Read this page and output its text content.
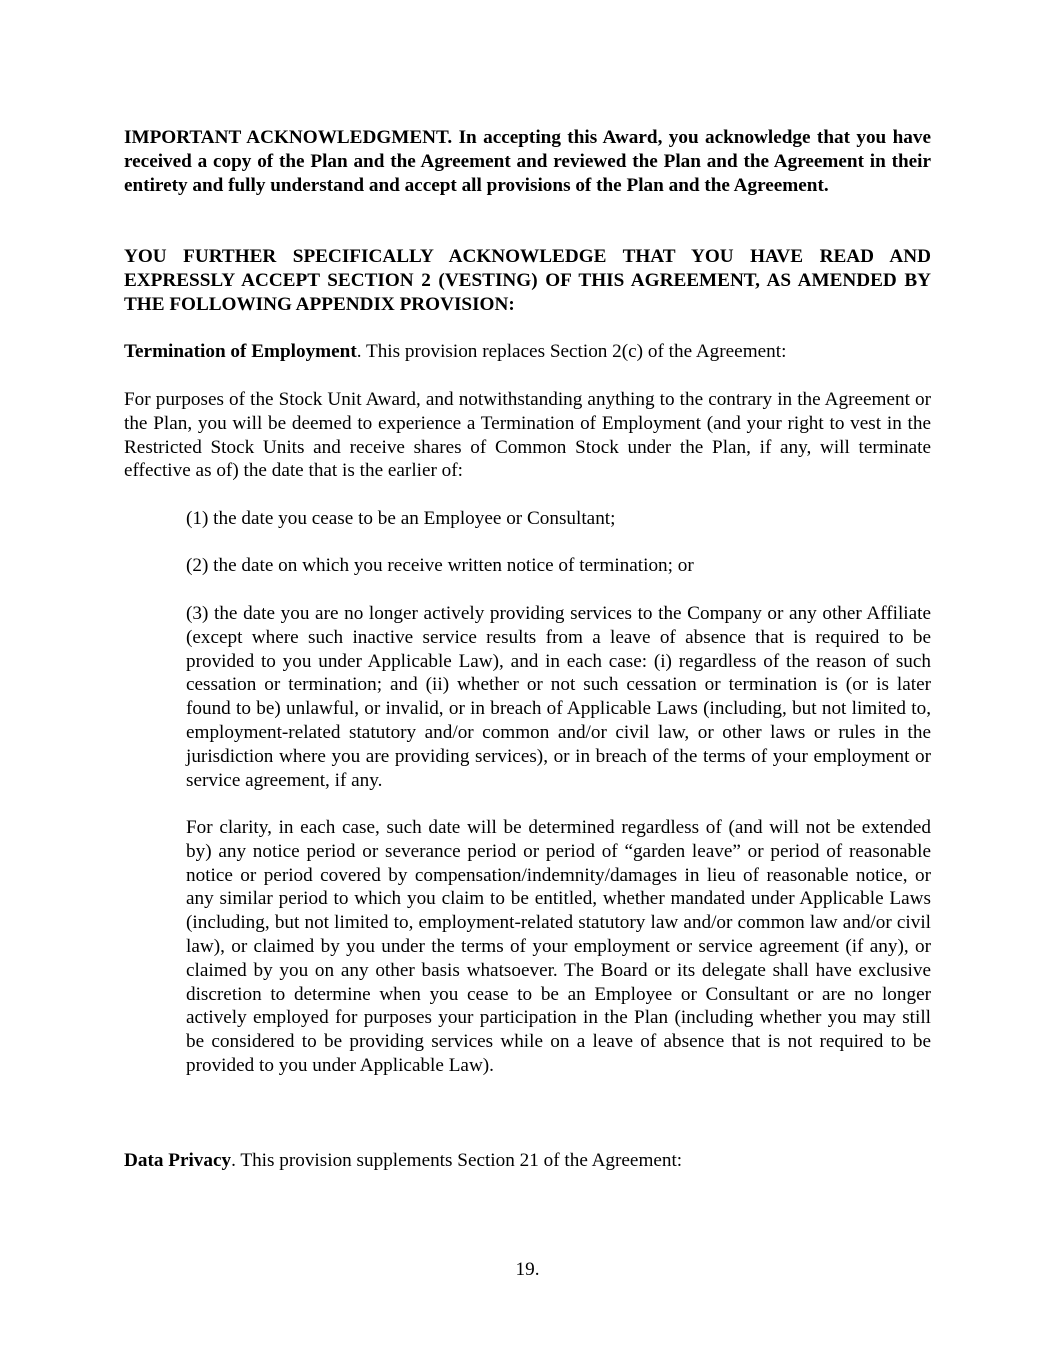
IMPORTANT ACKNOWLEDGMENT. In accepting this Award, you acknowledge that you have received a copy of the Plan and the Agreement and reviewed the Plan and the Agreement in their entirety and fully understand and accept all provisions of the Plan and the Agreement.

YOU FURTHER SPECIFICALLY ACKNOWLEDGE THAT YOU HAVE READ AND EXPRESSLY ACCEPT SECTION 2 (VESTING) OF THIS AGREEMENT, AS AMENDED BY THE FOLLOWING APPENDIX PROVISION:

Termination of Employment. This provision replaces Section 2(c) of the Agreement:

For purposes of the Stock Unit Award, and notwithstanding anything to the contrary in the Agreement or the Plan, you will be deemed to experience a Termination of Employment (and your right to vest in the Restricted Stock Units and receive shares of Common Stock under the Plan, if any, will terminate effective as of) the date that is the earlier of:

(1) the date you cease to be an Employee or Consultant;

(2) the date on which you receive written notice of termination; or

(3) the date you are no longer actively providing services to the Company or any other Affiliate (except where such inactive service results from a leave of absence that is required to be provided to you under Applicable Law), and in each case: (i) regardless of the reason of such cessation or termination; and (ii) whether or not such cessation or termination is (or is later found to be) unlawful, or invalid, or in breach of Applicable Laws (including, but not limited to, employment-related statutory and/or common and/or civil law, or other laws or rules in the jurisdiction where you are providing services), or in breach of the terms of your employment or service agreement, if any.

For clarity, in each case, such date will be determined regardless of (and will not be extended by) any notice period or severance period or period of “garden leave” or period of reasonable notice or period covered by compensation/indemnity/damages in lieu of reasonable notice, or any similar period to which you claim to be entitled, whether mandated under Applicable Laws (including, but not limited to, employment-related statutory law and/or common law and/or civil law), or claimed by you under the terms of your employment or service agreement (if any), or claimed by you on any other basis whatsoever. The Board or its delegate shall have exclusive discretion to determine when you cease to be an Employee or Consultant or are no longer actively employed for purposes your participation in the Plan (including whether you may still be considered to be providing services while on a leave of absence that is not required to be provided to you under Applicable Law).

Data Privacy. This provision supplements Section 21 of the Agreement:

19.
